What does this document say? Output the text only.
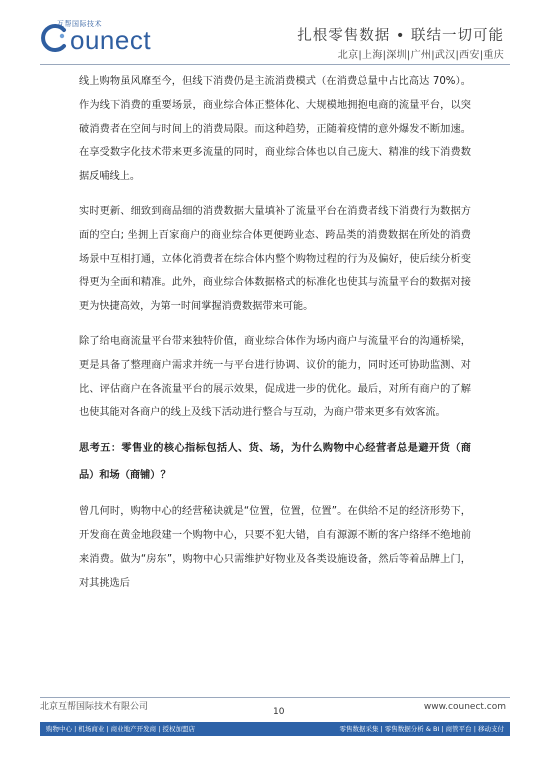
互帮国际技术
ounect	扎根零售数据 • 联结一切可能
北京|上海|深圳|广州|武汉|西安|重庆

线上购物虽风靡至今，但线下消费仍是主流消费模式（在消费总量中占比高达 70%）。作为线下消费的重要场景，商业综合体正整体化、大规模地拥抱电商的流量平台，以突破消费者在空间与时间上的消费局限。而这种趋势，正随着疫情的意外爆发不断加速。在享受数字化技术带来更多流量的同时，商业综合体也以自己庞大、精准的线下消费数据反哺线上。

实时更新、细致到商品细的消费数据大量填补了流量平台在消费者线下消费行为数据方面的空白; 坐拥上百家商户的商业综合体更便跨业态、跨品类的消费数据在所处的消费场景中互相打通，立体化消费者在综合体内整个购物过程的行为及偏好，使后续分析变得更为全面和精准。此外，商业综合体数据格式的标准化也使其与流量平台的数据对接更为快捷高效，为第一时间掌握消费数据带来可能。

除了给电商流量平台带来独特价值，商业综合体作为场内商户与流量平台的沟通桥梁，更是具备了整理商户需求并统一与平台进行协调、议价的能力，同时还可协助监测、对比、评估商户在各流量平台的展示效果，促成进一步的优化。最后，对所有商户的了解也使其能对各商户的线上及线下活动进行整合与互动，为商户带来更多有效客流。

思考五：零售业的核心指标包括人、货、场，为什么购物中心经营者总是避开货（商品）和场（商铺）？

曾几何时，购物中心的经营秘诀就是“位置，位置，位置”。在供给不足的经济形势下，开发商在黄金地段建一个购物中心，只要不犯大错，自有源源不断的客户络绎不绝地前来消费。做为“房东”，购物中心只需维护好物业及各类设施设备，然后等着品牌上门，对其挑选后

北京互帮国际技术有限公司	10	www.counect.com
购物中心 | 机场商业 | 商业地产开发商 | 授权加盟店	零售数据采集 | 零售数据分析 & BI | 商管平台 | 移动支付
